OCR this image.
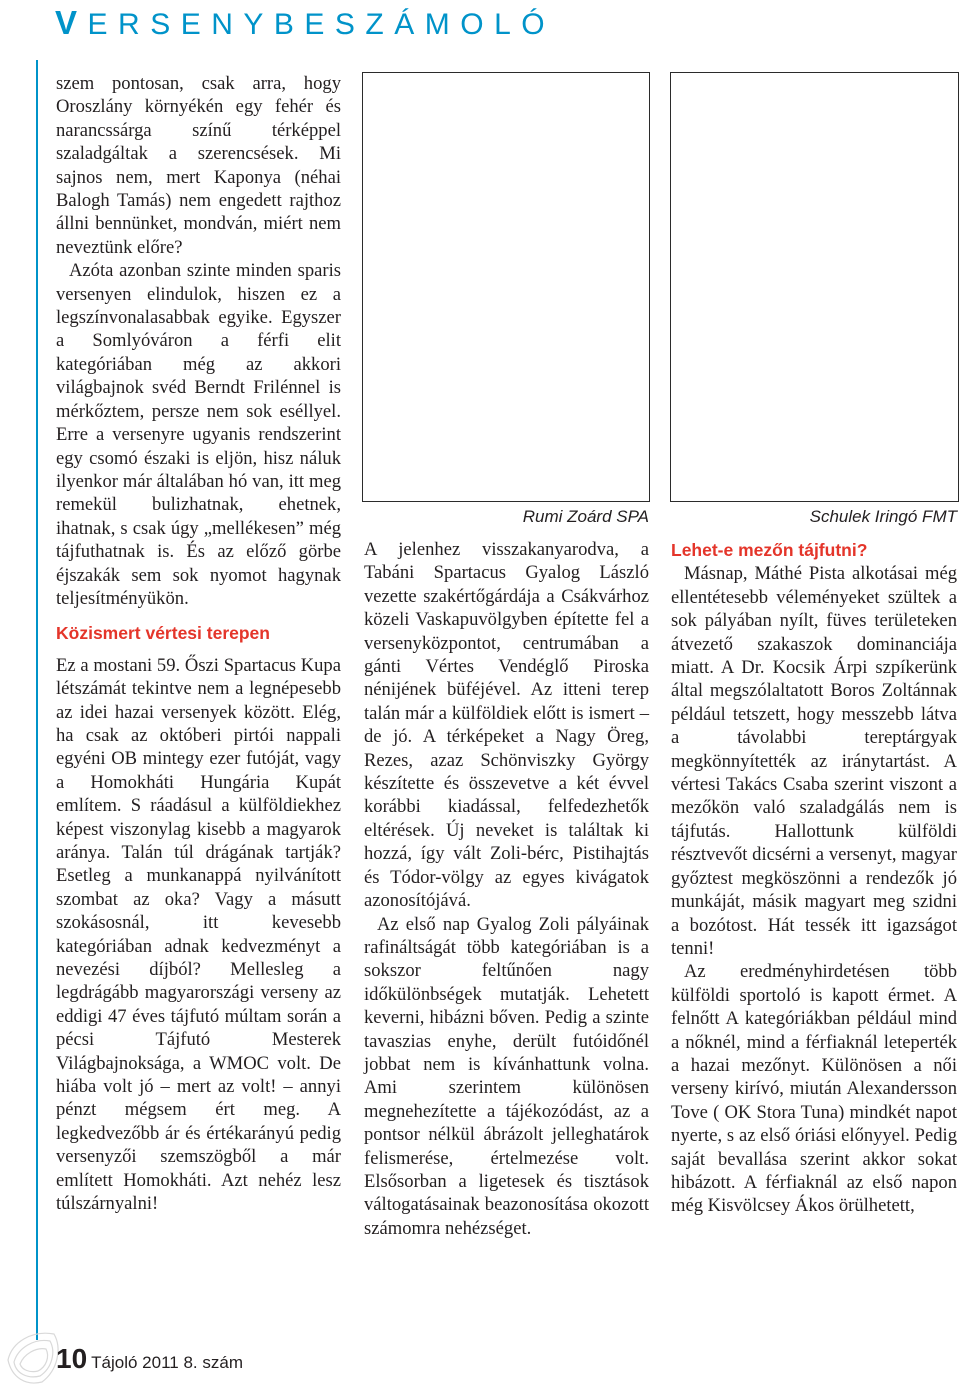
VERSENYBESZÁMOLÓ

szem pontosan, csak arra, hogy Oroszlány környékén egy fehér és narancssárga színű térképpel szaladgáltak a szerencsések. Mi sajnos nem, mert Kaponya (néhai Balogh Tamás) nem engedett rajthoz állni bennünket, mondván, miért nem neveztünk előre?

Azóta azonban szinte minden sparis versenyen elindulok, hiszen ez a legszínvonalasabbak egyike. Egyszer a Somlyóváron a férfi elit kategóriában még az akkori világbajnok svéd Berndt Frilénnel is mérkőztem, persze nem sok eséllyel. Erre a versenyre ugyanis rendszerint egy csomó északi is eljön, hisz náluk ilyenkor már általában hó van, itt meg remekül bulizhatnak, ehetnek, ihatnak, s csak úgy „mellékesen” még tájfuthatnak is. És az előző görbe éjszakák sem sok nyomot hagynak teljesítményükön.

Közismert vértesi terepen

Ez a mostani 59. Őszi Spartacus Kupa létszámát tekintve nem a legnépesebb az idei hazai versenyek között. Elég, ha csak az októberi pirtói nappali egyéni OB mintegy ezer futóját, vagy a Homokháti Hungária Kupát említem. S ráadásul a külföldiekhez képest viszonylag kisebb a magyarok aránya. Talán túl drágának tartják? Esetleg a munkanappá nyilvánított szombat az oka? Vagy a másutt szokásosnál, itt kevesebb kategóriában adnak kedvezményt a nevezési díjból? Mellesleg a legdrágább magyarországi verseny az eddigi 47 éves tájfutó múltam során a pécsi Tájfutó Mesterek Világbajnoksága, a WMOC volt. De hiába volt jó – mert az volt! – annyi pénzt mégsem ért meg. A legkedvezőbb ár és értékarányú pedig versenyzői szemszögből a már említett Homokháti. Azt nehéz lesz túlszárnyalni!

Rumi Zoárd SPA	Schulek Iringó FMT

A jelenhez visszakanyarodva, a Tabáni Spartacus Gyalog László vezette szakértőgárdája a Csákvárhoz közeli Vaskapuvölgyben építette fel a versenyközpontot, centrumában a gánti Vértes Vendéglő Piroska nénijének büféjével. Az itteni terep talán már a külföldiek előtt is ismert – de jó. A térképeket a Nagy Öreg, Rezes, azaz Schönviszky György készítette és összevetve a két évvel korábbi kiadással, felfedezhetők eltérések. Új neveket is találtak ki hozzá, így vált Zoli-bérc, Pistihajtás és Tódor-völgy az egyes kivágatok azonosítójává.

Az első nap Gyalog Zoli pályáinak rafináltságát több kategóriában is a sokszor feltűnően nagy időkülönbségek mutatják. Lehetett keverni, hibázni bőven. Pedig a szinte tavaszias enyhe, derült futóidőnél jobbat nem is kívánhattunk volna. Ami szerintem különösen megnehezítette a tájékozódást, az a pontsor nélkül ábrázolt jelleghatárok felismerése, értelmezése volt. Elsősorban a ligetesek és tisztások váltogatásainak beazonosítása okozott számomra nehézséget.

Lehet-e mezőn tájfutni?

Másnap, Máthé Pista alkotásai még ellentétesebb véleményeket szültek a sok pályában nyílt, füves területeken átvezető szakaszok dominanciája miatt. A Dr. Kocsik Árpi szpíkerünk által megszólaltatott Boros Zoltánnak például tetszett, hogy messzebb látva a távolabbi tereptárgyak megkönnyítették az iránytartást. A vértesi Takács Csaba szerint viszont a mezőkön való szaladgálás nem is tájfutás. Hallottunk külföldi résztvevőt dicsérni a versenyt, magyar győztest megköszönni a rendezők jó munkáját, másik magyart meg szidni a bozótost. Hát tessék itt igazságot tenni!

Az eredményhirdetésen több külföldi sportoló is kapott érmet. A felnőtt A kategóriákban például mind a nőknél, mind a férfiaknál leteperték a hazai mezőnyt. Különösen a női verseny kirívó, miután Alexandersson Tove ( OK Stora Tuna) mindkét napot nyerte, s az első óriási előnyyel. Pedig saját bevallása szerint akkor sokat hibázott. A férfiaknál az első napon még Kisvölcsey Ákos örülhetett,

10 Tájoló 2011 8. szám
